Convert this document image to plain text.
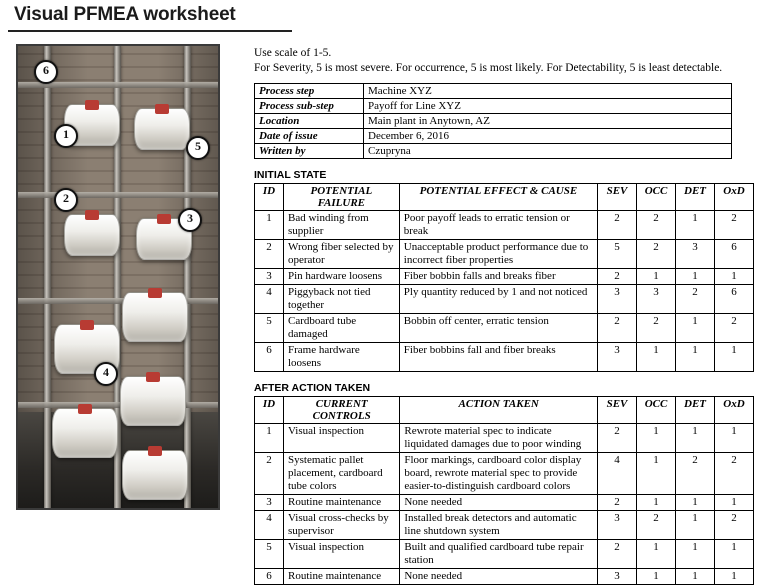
Visual PFMEA worksheet
6
1
5
2
3
4
Use scale of 1-5.
For Severity, 5 is most severe. For occurrence, 5 is most likely. For Detectability, 5 is least detectable.
Process step	Machine XYZ
Process sub-step	Payoff for Line XYZ
Location	Main plant in Anytown, AZ
Date of issue	December 6, 2016
Written by	Czupryna
INITIAL STATE
ID	POTENTIAL FAILURE	POTENTIAL EFFECT & CAUSE	SEV	OCC	DET	OxD
1	Bad winding from supplier	Poor payoff leads to erratic tension or break	2	2	1	2
2	Wrong fiber selected by operator	Unacceptable product performance due to incorrect fiber properties	5	2	3	6
3	Pin hardware loosens	Fiber bobbin falls and breaks fiber	2	1	1	1
4	Piggyback not tied together	Ply quantity reduced by 1 and not noticed	3	3	2	6
5	Cardboard tube damaged	Bobbin off center, erratic tension	2	2	1	2
6	Frame hardware loosens	Fiber bobbins fall and fiber breaks	3	1	1	1
AFTER ACTION TAKEN
ID	CURRENT CONTROLS	ACTION TAKEN	SEV	OCC	DET	OxD
1	Visual inspection	Rewrote material spec to indicate liquidated damages due to poor winding	2	1	1	1
2	Systematic pallet placement, cardboard tube colors	Floor markings, cardboard color display board, rewrote material spec to provide easier-to-distinguish cardboard colors	4	1	2	2
3	Routine maintenance	None needed	2	1	1	1
4	Visual cross-checks by supervisor	Installed break detectors and automatic line shutdown system	3	2	1	2
5	Visual inspection	Built and qualified cardboard tube repair station	2	1	1	1
6	Routine maintenance	None needed	3	1	1	1
